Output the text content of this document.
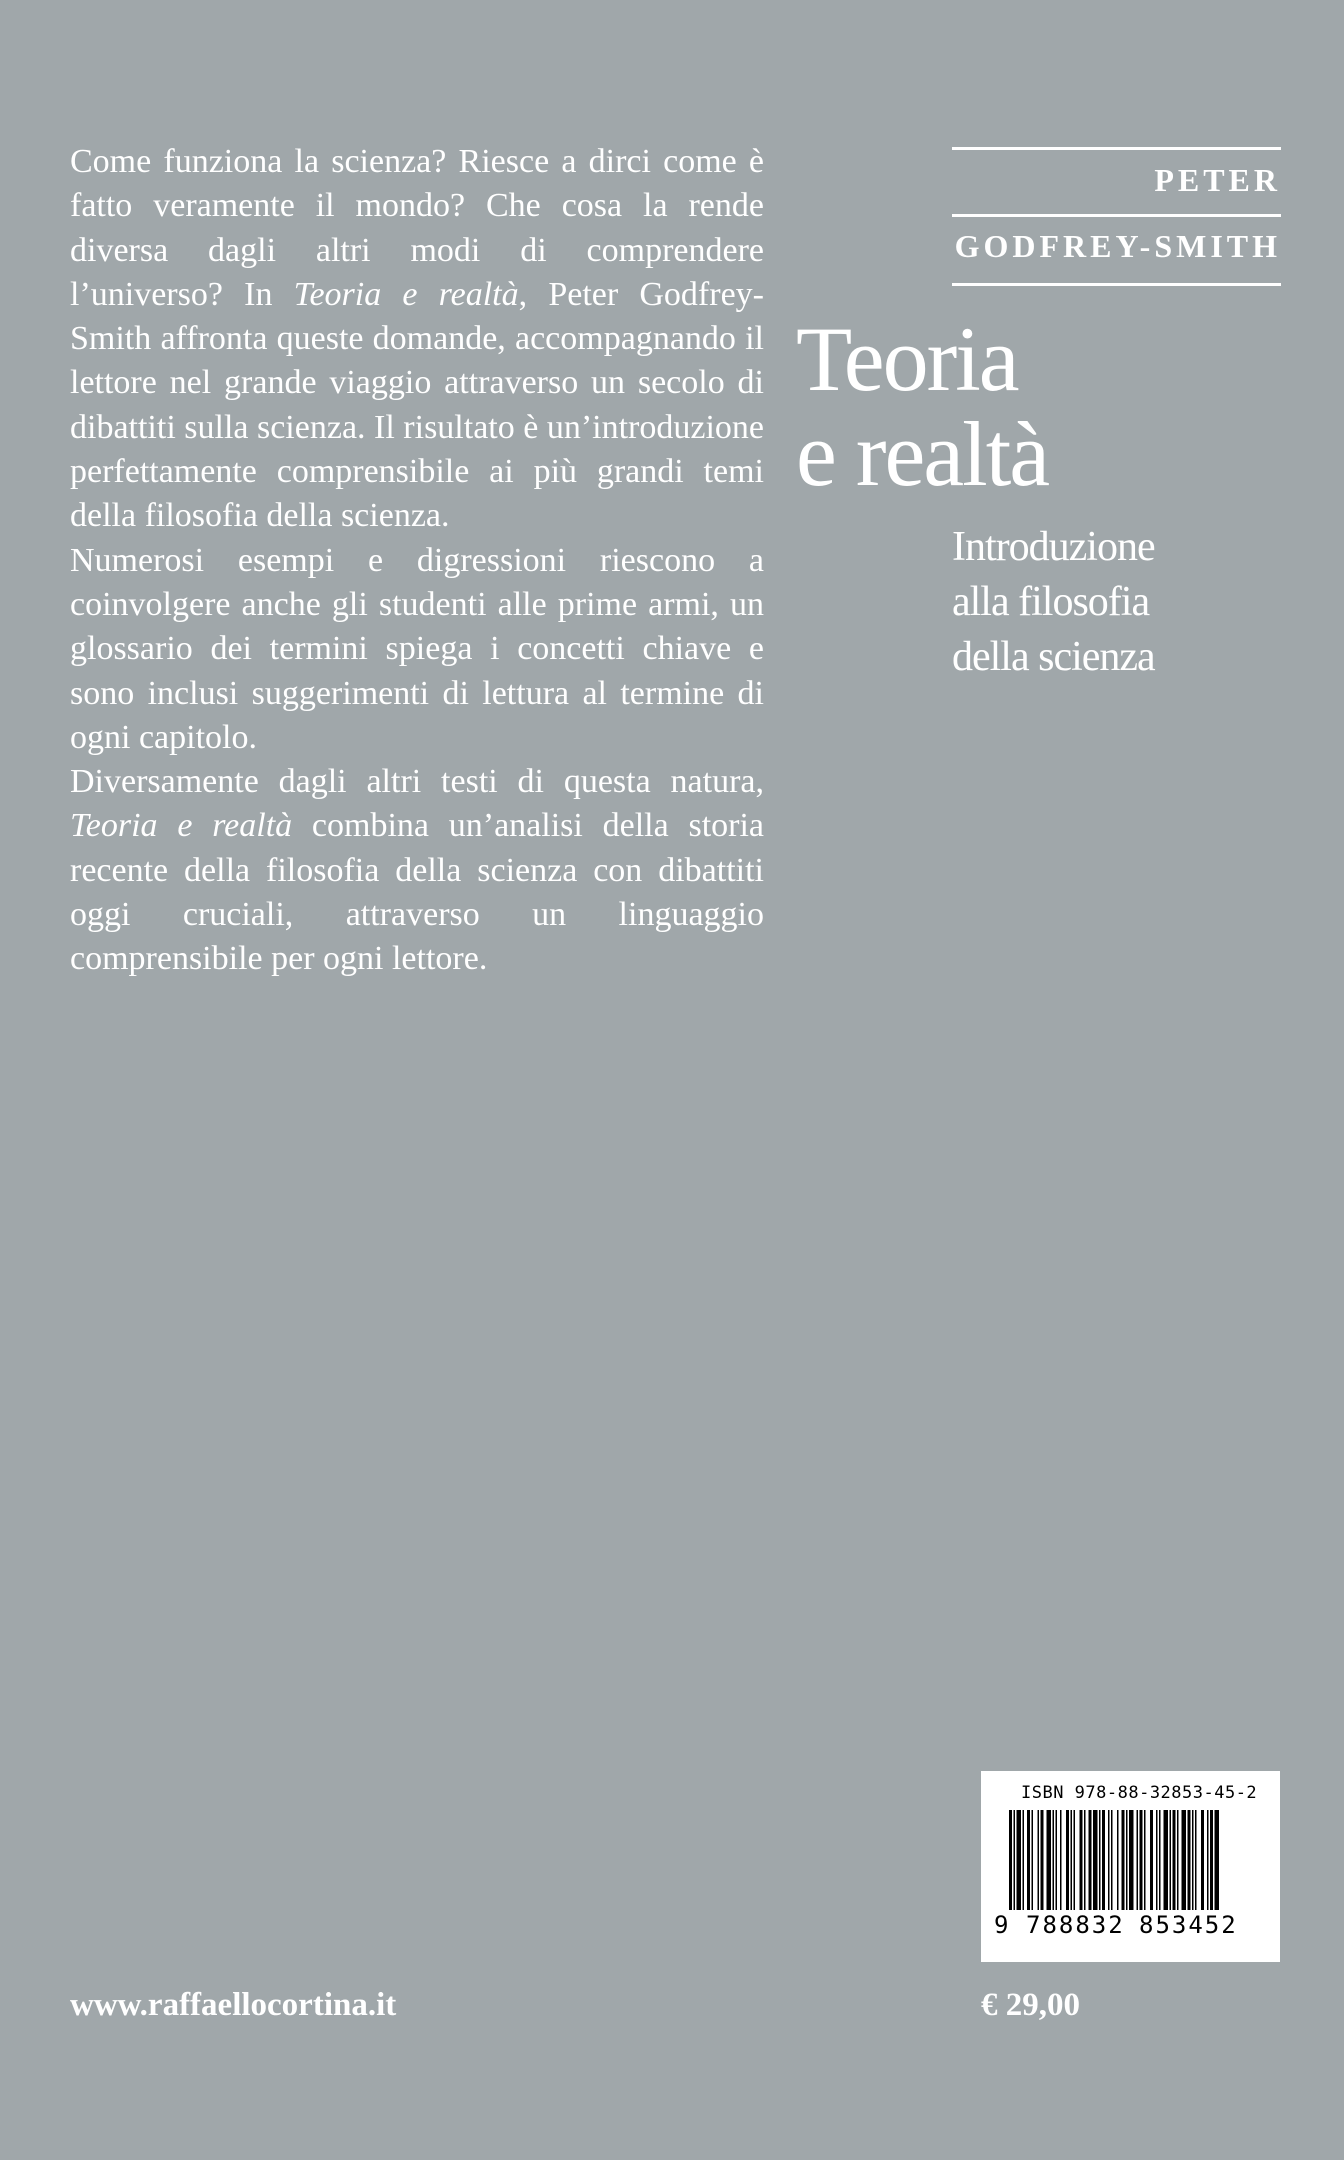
Come funziona la scienza? Riesce a dirci come è fatto veramente il mondo? Che cosa la rende diversa dagli altri modi di comprendere l’universo? In Teoria e realtà, Peter Godfrey-Smith affronta queste domande, accompagnando il lettore nel grande viaggio attraverso un secolo di dibattiti sulla scienza. Il risultato è un’introduzione perfettamente comprensibile ai più grandi temi della filosofia della scienza.

Numerosi esempi e digressioni riescono a coinvolgere anche gli studenti alle prime armi, un glossario dei termini spiega i concetti chiave e sono inclusi suggerimenti di lettura al termine di ogni capitolo.

Diversamente dagli altri testi di questa natura, Teoria e realtà combina un’analisi della storia recente della filosofia della scienza con dibattiti oggi cruciali, attraverso un linguaggio comprensibile per ogni lettore.

PETER
GODFREY-SMITH
Teoria
e realtà
Introduzione
alla filosofia
della scienza
ISBN 978-88-32853-45-2
9 788832 853452
www.raffaellocortina.it	€ 29,00
